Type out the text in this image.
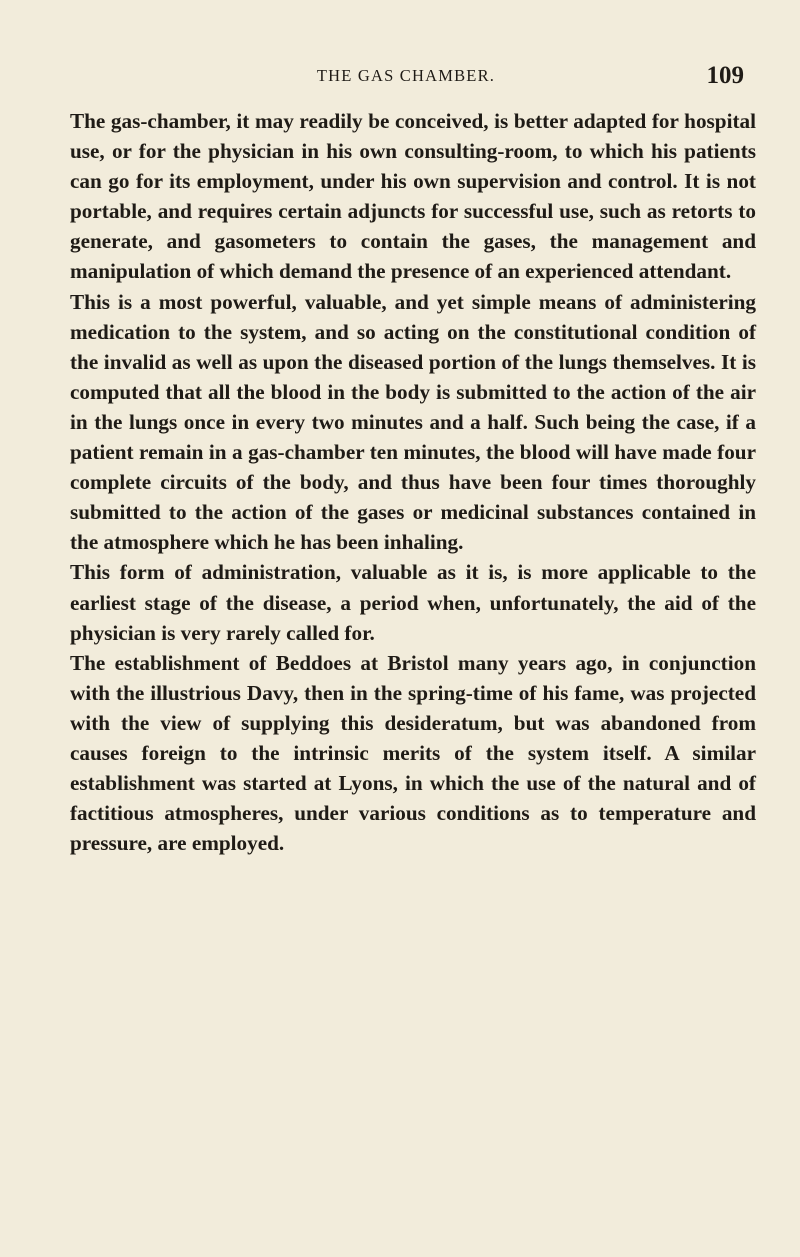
THE GAS CHAMBER.	109

The gas-chamber, it may readily be conceived, is better adapted for hospital use, or for the physician in his own consulting-room, to which his patients can go for its employment, under his own supervision and control. It is not portable, and requires certain adjuncts for successful use, such as retorts to generate, and gasometers to contain the gases, the management and manipulation of which demand the presence of an experienced attendant.

This is a most powerful, valuable, and yet simple means of administering medication to the system, and so acting on the constitutional condition of the invalid as well as upon the diseased portion of the lungs themselves. It is computed that all the blood in the body is submitted to the action of the air in the lungs once in every two minutes and a half. Such being the case, if a patient remain in a gas-chamber ten minutes, the blood will have made four complete circuits of the body, and thus have been four times thoroughly submitted to the action of the gases or medicinal substances contained in the atmosphere which he has been inhaling.

This form of administration, valuable as it is, is more applicable to the earliest stage of the disease, a period when, unfortunately, the aid of the physician is very rarely called for.

The establishment of Beddoes at Bristol many years ago, in conjunction with the illustrious Davy, then in the spring-time of his fame, was projected with the view of supplying this desideratum, but was abandoned from causes foreign to the intrinsic merits of the system itself. A similar establishment was started at Lyons, in which the use of the natural and of factitious atmospheres, under various conditions as to temperature and pressure, are employed.
